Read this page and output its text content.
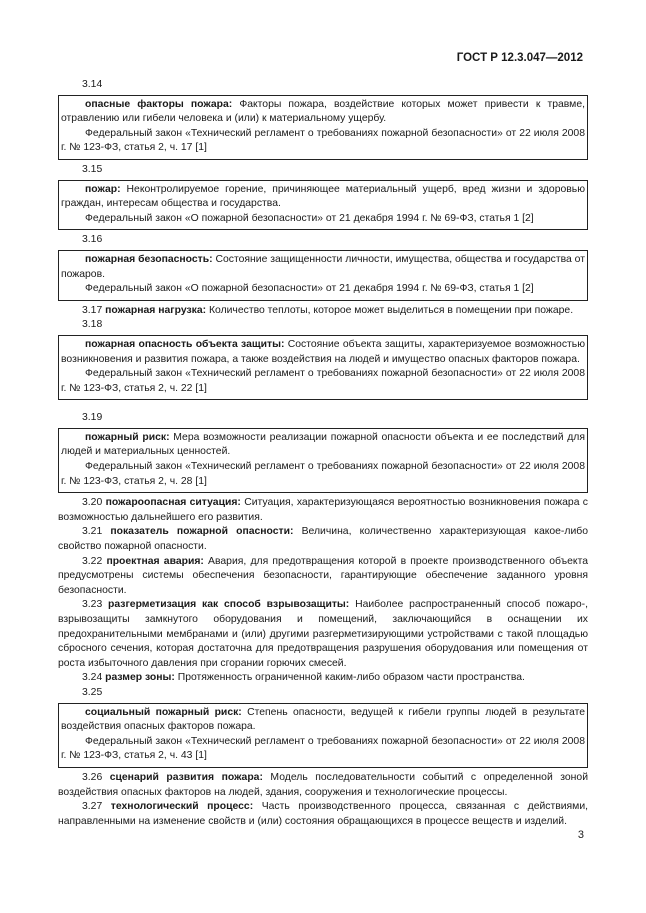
ГОСТ Р 12.3.047—2012
3.14

опасные факторы пожара: Факторы пожара, воздействие которых может привести к травме, отравлению или гибели человека и (или) к материальному ущербу.

Федеральный закон «Технический регламент о требованиях пожарной безопасности» от 22 июля 2008 г. № 123-ФЗ, статья 2, ч. 17 [1]

3.15

пожар: Неконтролируемое горение, причиняющее материальный ущерб, вред жизни и здоровью граждан, интересам общества и государства.

Федеральный закон «О пожарной безопасности» от 21 декабря 1994 г. № 69-ФЗ, статья 1 [2]

3.16

пожарная безопасность: Состояние защищенности личности, имущества, общества и государства от пожаров.

Федеральный закон «О пожарной безопасности» от 21 декабря 1994 г. № 69-ФЗ, статья 1 [2]

3.17 пожарная нагрузка: Количество теплоты, которое может выделиться в помещении при пожаре.

3.18

пожарная опасность объекта защиты: Состояние объекта защиты, характеризуемое возможностью возникновения и развития пожара, а также воздействия на людей и имущество опасных факторов пожара.

Федеральный закон «Технический регламент о требованиях пожарной безопасности» от 22 июля 2008 г. № 123-ФЗ, статья 2, ч. 22 [1]

3.19

пожарный риск: Мера возможности реализации пожарной опасности объекта и ее последствий для людей и материальных ценностей.

Федеральный закон «Технический регламент о требованиях пожарной безопасности» от 22 июля 2008 г. № 123-ФЗ, статья 2, ч. 28 [1]

3.20 пожароопасная ситуация: Ситуация, характеризующаяся вероятностью возникновения пожара с возможностью дальнейшего его развития.

3.21 показатель пожарной опасности: Величина, количественно характеризующая какое-либо свойство пожарной опасности.

3.22 проектная авария: Авария, для предотвращения которой в проекте производственного объекта предусмотрены системы обеспечения безопасности, гарантирующие обеспечение заданного уровня безопасности.

3.23 разгерметизация как способ взрывозащиты: Наиболее распространенный способ пожаро-, взрывозащиты замкнутого оборудования и помещений, заключающийся в оснащении их предохранительными мембранами и (или) другими разгерметизирующими устройствами с такой площадью сбросного сечения, которая достаточна для предотвращения разрушения оборудования или помещения от роста избыточного давления при сгорании горючих смесей.

3.24 размер зоны: Протяженность ограниченной каким-либо образом части пространства.

3.25

социальный пожарный риск: Степень опасности, ведущей к гибели группы людей в результате воздействия опасных факторов пожара.

Федеральный закон «Технический регламент о требованиях пожарной безопасности» от 22 июля 2008 г. № 123-ФЗ, статья 2, ч. 43 [1]

3.26 сценарий развития пожара: Модель последовательности событий с определенной зоной воздействия опасных факторов на людей, здания, сооружения и технологические процессы.

3.27 технологический процесс: Часть производственного процесса, связанная с действиями, направленными на изменение свойств и (или) состояния обращающихся в процессе веществ и изделий.

3
